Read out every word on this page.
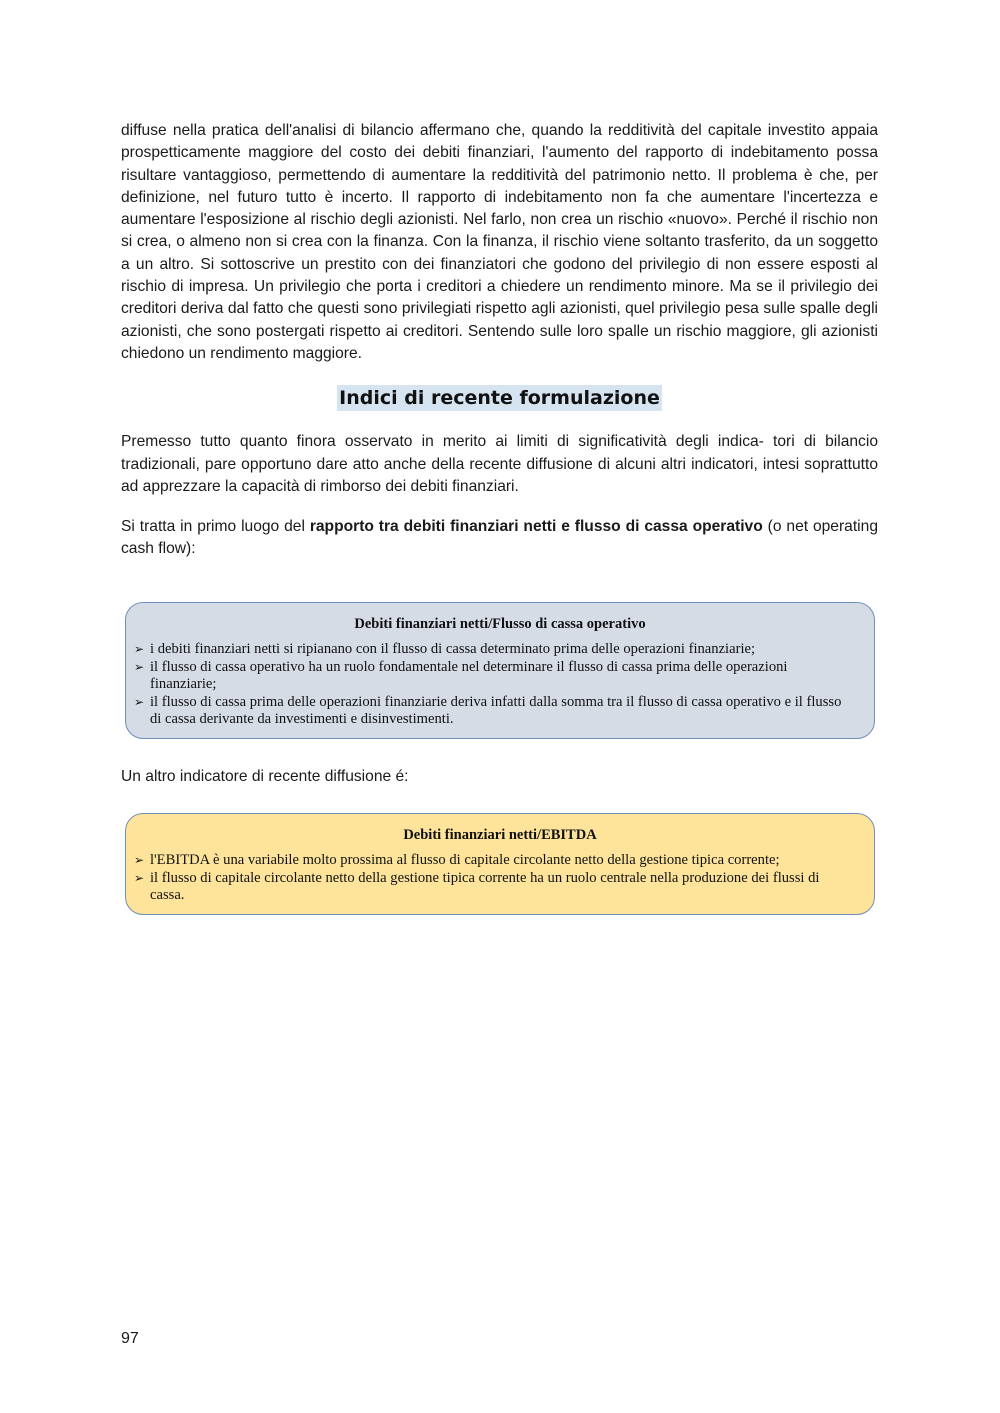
diffuse nella pratica dell'analisi di bilancio affermano che, quando la redditività del capitale investito appaia prospetticamente maggiore del costo dei debiti finanziari, l'aumento del rapporto di indebitamento possa risultare vantaggioso, permettendo di aumentare la redditività del patrimonio netto. Il problema è che, per definizione, nel futuro tutto è incerto. Il rapporto di indebitamento non fa che aumentare l'incertezza e aumentare l'esposizione al rischio degli azionisti. Nel farlo, non crea un rischio «nuovo». Perché il rischio non si crea, o almeno non si crea con la finanza. Con la finanza, il rischio viene soltanto trasferito, da un soggetto a un altro. Si sottoscrive un prestito con dei finanziatori che godono del privilegio di non essere esposti al rischio di impresa. Un privilegio che porta i creditori a chiedere un rendimento minore. Ma se il privilegio dei creditori deriva dal fatto che questi sono privilegiati rispetto agli azionisti, quel privilegio pesa sulle spalle degli azionisti, che sono postergati rispetto ai creditori. Sentendo sulle loro spalle un rischio maggiore, gli azionisti chiedono un rendimento maggiore.

Indici di recente formulazione

Premesso tutto quanto finora osservato in merito ai limiti di significatività degli indica- tori di bilancio tradizionali, pare opportuno dare atto anche della recente diffusione di alcuni altri indicatori, intesi soprattutto ad apprezzare la capacità di rimborso dei debiti finanziari.

Si tratta in primo luogo del rapporto tra debiti finanziari netti e flusso di cassa operativo (o net operating cash flow):

Debiti finanziari netti/Flusso di cassa operativo
➢ i debiti finanziari netti si ripianano con il flusso di cassa determinato prima delle operazioni finanziarie;
➢ il flusso di cassa operativo ha un ruolo fondamentale nel determinare il flusso di cassa prima delle operazioni finanziarie;
➢ il flusso di cassa prima delle operazioni finanziarie deriva infatti dalla somma tra il flusso di cassa operativo e il flusso di cassa derivante da investimenti e disinvestimenti.

Un altro indicatore di recente diffusione é:

Debiti finanziari netti/EBITDA
➢ l'EBITDA è una variabile molto prossima al flusso di capitale circolante netto della gestione tipica corrente;
➢ il flusso di capitale circolante netto della gestione tipica corrente ha un ruolo centrale nella produzione dei flussi di cassa.
97
